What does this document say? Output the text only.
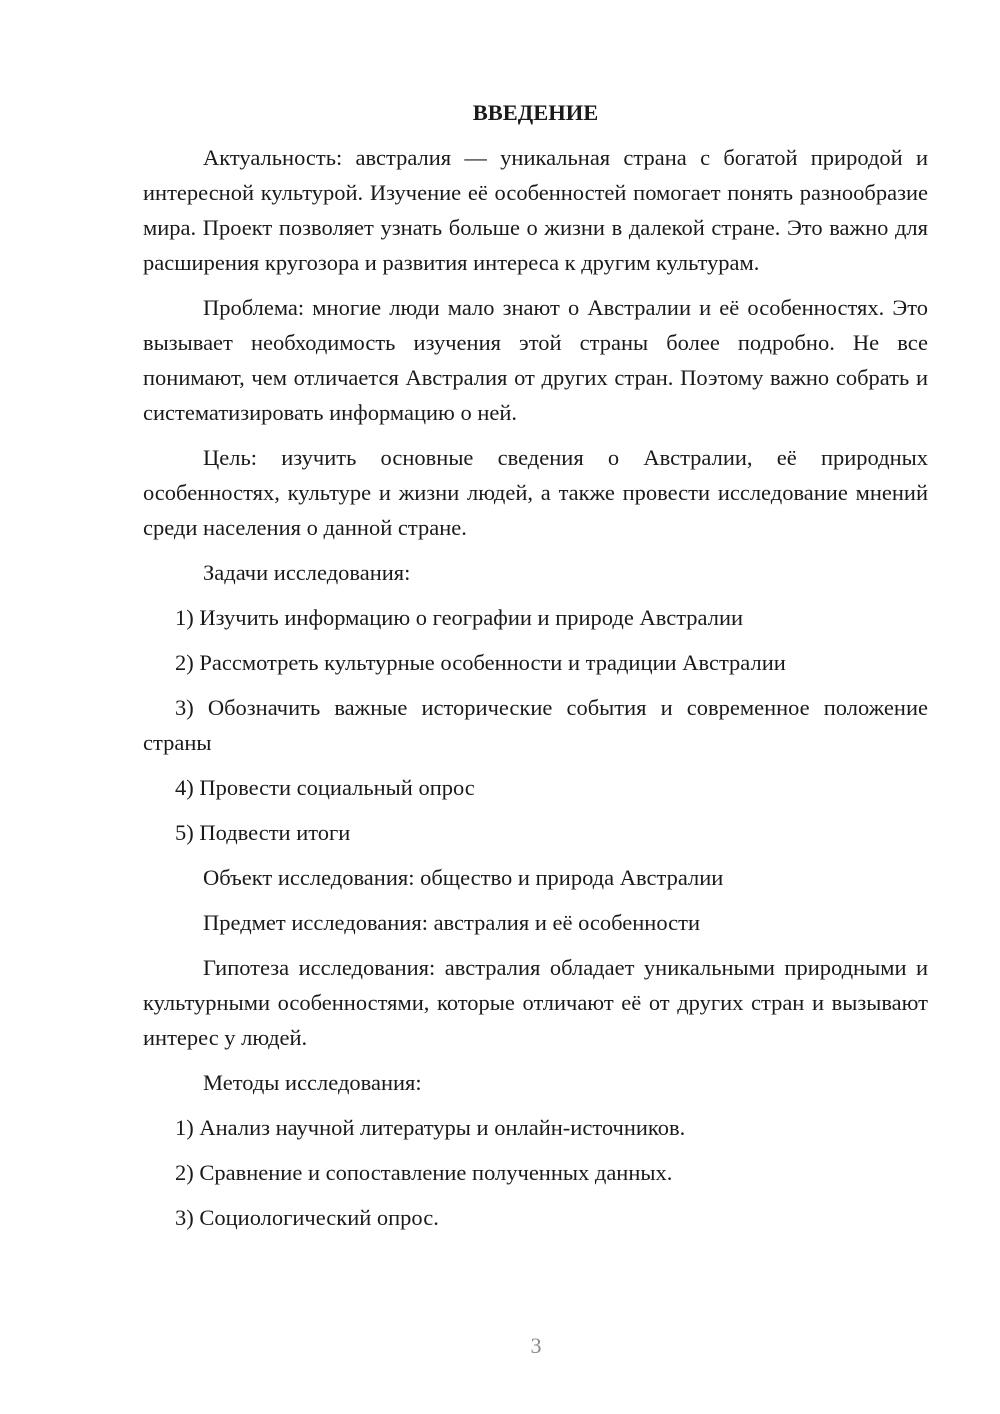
ВВЕДЕНИЕ

Актуальность: австралия — уникальная страна с богатой природой и интересной культурой. Изучение её особенностей помогает понять разнообразие мира. Проект позволяет узнать больше о жизни в далекой стране. Это важно для расширения кругозора и развития интереса к другим культурам.

Проблема: многие люди мало знают о Австралии и её особенностях. Это вызывает необходимость изучения этой страны более подробно. Не все понимают, чем отличается Австралия от других стран. Поэтому важно собрать и систематизировать информацию о ней.

Цель: изучить основные сведения о Австралии, её природных особенностях, культуре и жизни людей, а также провести исследование мнений среди населения о данной стране.

Задачи исследования:

1) Изучить информацию о географии и природе Австралии

2) Рассмотреть культурные особенности и традиции Австралии

3) Обозначить важные исторические события и современное положение страны

4) Провести социальный опрос

5) Подвести итоги

Объект исследования: общество и природа Австралии

Предмет исследования: австралия и её особенности

Гипотеза исследования: австралия обладает уникальными природными и культурными особенностями, которые отличают её от других стран и вызывают интерес у людей.

Методы исследования:

1) Анализ научной литературы и онлайн-источников.

2) Сравнение и сопоставление полученных данных.

3) Социологический опрос.

3
